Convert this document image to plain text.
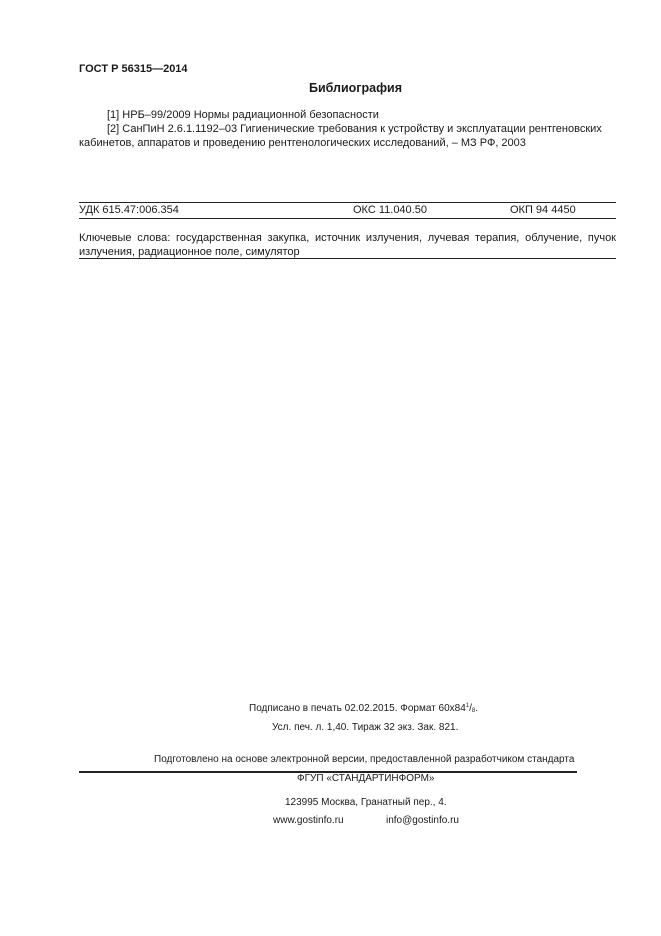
ГОСТ Р 56315—2014
Библиография
[1] НРБ–99/2009 Нормы радиационной безопасности
[2] СанПиН 2.6.1.1192–03 Гигиенические требования к устройству и эксплуатации рентгеновских
кабинетов, аппаратов и проведению рентгенологических исследований, – МЗ РФ, 2003
УДК 615.47:006.354	ОКС 11.040.50	ОКП 94 4450
Ключевые слова: государственная закупка, источник излучения, лучевая терапия, облучение, пучок излучения, радиационное поле, симулятор
Подписано в печать 02.02.2015. Формат $60x84^1/_8$.
Усл. печ. л. 1,40. Тираж 32 экз. Зак. 821.
Подготовлено на основе электронной версии, предоставленной разработчиком стандарта
ФГУП «СТАНДАРТИНФОРМ»
123995 Москва, Гранатный пер., 4.
www.gostinfo.ru	info@gostinfo.ru
